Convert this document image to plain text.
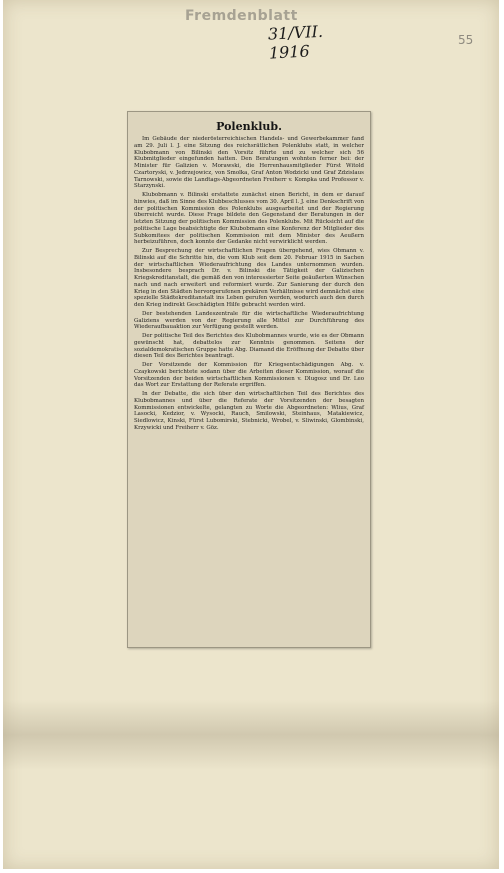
Fremdenblatt
31/VII. 1916
55
Polenklub.

Im Gebäude der niederösterreichischen Handels- und Gewerbekammer fand am 29. Juli l. J. eine Sitzung des reichsrätlichen Polenklubs statt, in welcher Klubobmann von Bilinski den Vorsitz führte und zu welcher sich 56 Klubmitglieder eingefunden hatten. Den Beratungen wohnten ferner bei: der Minister für Galizien v. Morawski, die Herrenhausmitglieder Fürst Witold Czartoryski, v. Jedrzejowicz, von Smolka, Graf Anton Wodzicki und Graf Zdzislaus Tarnowski, sowie die Landtags-Abgeordneten Freiherr v. Kompka und Professor v. Starzynski.

Klubobmann v. Bilinski erstattete zunächst einen Bericht, in dem er darauf hinwies, daß im Sinne des Klubbeschlusses vom 30. April l. J. eine Denkschrift von der politischen Kommission des Polenklubs ausgearbeitet und der Regierung überreicht wurde. Diese Frage bildete den Gegenstand der Beratungen in der letzten Sitzung der politischen Kommission des Polenklubs. Mit Rücksicht auf die politische Lage beabsichtigte der Klubobmann eine Konferenz der Mitglieder des Subkomitees der politischen Kommission mit dem Minister des Aeußern herbeizuführen, doch konnte der Gedanke nicht verwirklicht werden.

Zur Besprechung der wirtschaftlichen Fragen übergehend, wies Obmann v. Bilinski auf die Schritte hin, die vom Klub seit dem 20. Februar 1915 in Sachen der wirtschaftlichen Wiederaufrichtung des Landes unternommen wurden. Insbesondere besprach Dr. v. Bilinski die Tätigkeit der Galizischen Kriegskreditanstalt, die gemäß den von interessierter Seite geäußerten Wünschen nach und nach erweitert und reformiert wurde. Zur Sanierung der durch den Krieg in den Städten hervorgerufenen prekären Verhältnisse wird demnächst eine spezielle Städtekreditanstalt ins Leben gerufen werden, wodurch auch den durch den Krieg indirekt Geschädigten Hilfe gebracht werden wird.

Der bestehenden Landeszentrale für die wirtschaftliche Wiederaufrichtung Galiziens werden von der Regierung alle Mittel zur Durchführung des Wiederaufbauaktion zur Verfügung gestellt werden.

Der politische Teil des Berichtes des Klubobmannes wurde, wie es der Obmann gewünscht hat, debattelos zur Kenntnis genommen. Seitens der sozialdemokratischen Gruppe hatte Abg. Diamand die Eröffnung der Debatte über diesen Teil des Berichtes beantragt.

Der Vorsitzende der Kommission für Kriegsentschädigungen Abg. v. Czaykowski berichtete sodann über die Arbeiten dieser Kommission, worauf die Vorsitzenden der beiden wirtschaftlichen Kommissionen v. Dlugosz und Dr. Leo das Wort zur Erstattung der Referate ergriffen.

In der Debatte, die sich über den wirtschaftlichen Teil des Berichtes des Klubobmannes und über die Referate der Vorsitzenden der besagten Kommissionen entwickelte, gelangten zu Worte die Abgeordneten: Wlius, Graf Lasocki, Kedzior, v. Wysocki, Rauch, Smilowski, Steinhaus, Matakiewicz, Siedlowicz, Kinski, Fürst Lubomirski, Stebnicki, Wrobel, v. Sliwinski, Glombinski, Krzywicki und Freiherr v. Göz.
